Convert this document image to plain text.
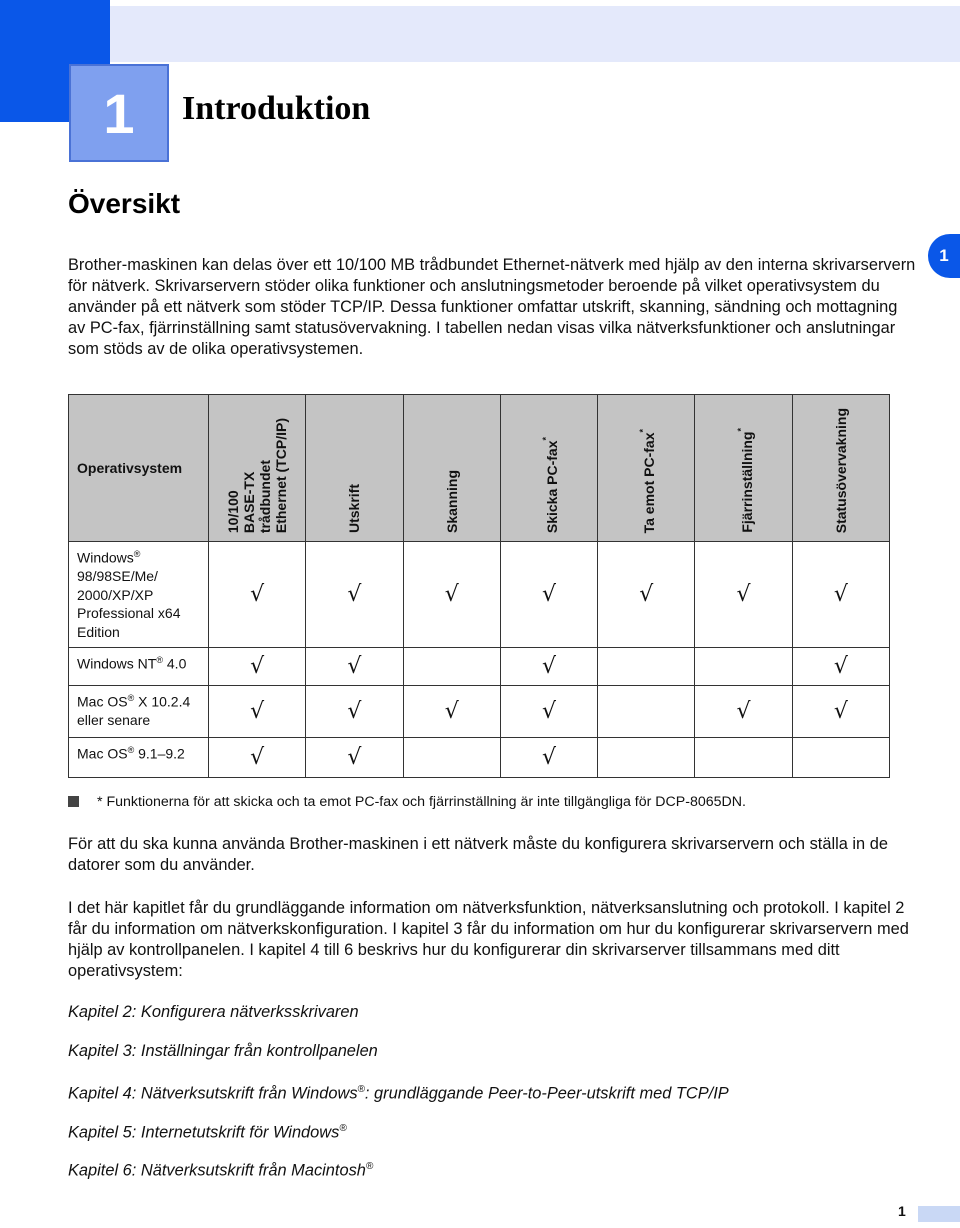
1 Introduktion
Översikt
1

Brother-maskinen kan delas över ett 10/100 MB trådbundet Ethernet-nätverk med hjälp av den interna skrivarservern för nätverk. Skrivarservern stöder olika funktioner och anslutningsmetoder beroende på vilket operativsystem du använder på ett nätverk som stöder TCP/IP. Dessa funktioner omfattar utskrift, skanning, sändning och mottagning av PC-fax, fjärrinställning samt statusövervakning. I tabellen nedan visas vilka nätverksfunktioner och anslutningar som stöds av de olika operativsystemen.

Operativsystem	10/100
BASE-TX
trådbundet
Ethernet (TCP/IP)	Utskrift	Skanning	Skicka PC-fax*	Ta emot PC-fax*	Fjärrinställning*	Statusövervakning

Windows® 98/98SE/Me/ 2000/XP/XP Professional x64 Edition	√	√	√	√	√	√	√
Windows NT® 4.0	√	√		√			√
Mac OS® X 10.2.4 eller senare	√	√	√	√		√	√
Mac OS® 9.1–9.2	√	√		√			
* Funktionerna för att skicka och ta emot PC-fax och fjärrinställning är inte tillgängliga för DCP-8065DN.

För att du ska kunna använda Brother-maskinen i ett nätverk måste du konfigurera skrivarservern och ställa in de datorer som du använder.

I det här kapitlet får du grundläggande information om nätverksfunktion, nätverksanslutning och protokoll. I kapitel 2 får du information om nätverkskonfiguration. I kapitel 3 får du information om hur du konfigurerar skrivarservern med hjälp av kontrollpanelen. I kapitel 4 till 6 beskrivs hur du konfigurerar din skrivarserver tillsammans med ditt operativsystem:

Kapitel 2: Konfigurera nätverksskrivaren

Kapitel 3: Inställningar från kontrollpanelen

Kapitel 4: Nätverksutskrift från Windows®: grundläggande Peer-to-Peer-utskrift med TCP/IP

Kapitel 5: Internetutskrift för Windows®

Kapitel 6: Nätverksutskrift från Macintosh®

1
